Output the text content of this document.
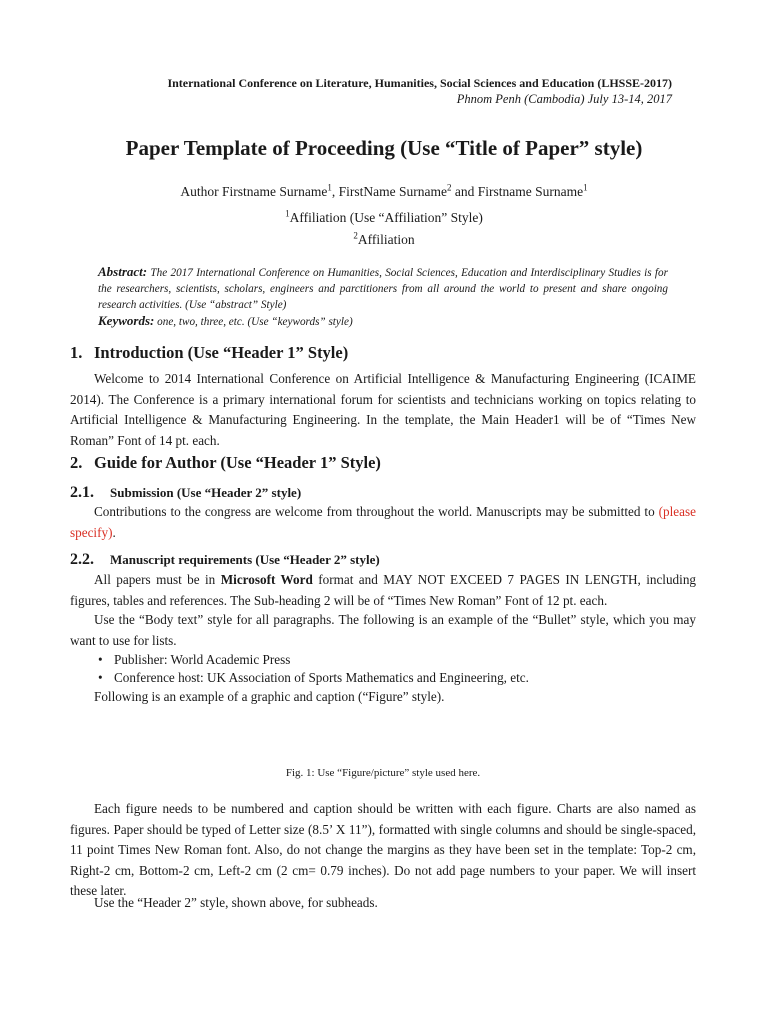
International Conference on Literature, Humanities, Social Sciences and Education (LHSSE-2017)
Phnom Penh (Cambodia) July 13-14, 2017
Paper Template of Proceeding (Use “Title of Paper” style)
Author Firstname Surname$^1$, FirstName Surname$^2$ and Firstname Surname$^1$
$^1$Affiliation (Use “Affiliation” Style)
$^2$Affiliation
Abstract: The 2017 International Conference on Humanities, Social Sciences, Education and Interdisciplinary Studies is for the researchers, scientists, scholars, engineers and parctitioners from all around the world to present and share ongoing research activities. (Use “abstract” Style)
Keywords: one, two, three, etc. (Use “keywords” style)
1. Introduction (Use “Header 1” Style)
Welcome to 2014 International Conference on Artificial Intelligence & Manufacturing Engineering (ICAIME 2014). The Conference is a primary international forum for scientists and technicians working on topics relating to Artificial Intelligence & Manufacturing Engineering. In the template, the Main Header1 will be of “Times New Roman” Font of 14 pt. each.
2. Guide for Author (Use “Header 1” Style)
2.1. Submission (Use “Header 2” style)
Contributions to the congress are welcome from throughout the world. Manuscripts may be submitted to (please specify).
2.2. Manuscript requirements (Use “Header 2” style)
All papers must be in Microsoft Word format and MAY NOT EXCEED 7 PAGES IN LENGTH, including figures, tables and references. The Sub-heading 2 will be of “Times New Roman” Font of 12 pt. each.
Use the “Body text” style for all paragraphs. The following is an example of the “Bullet” style, which you may want to use for lists.
• Publisher: World Academic Press
• Conference host: UK Association of Sports Mathematics and Engineering, etc.
Following is an example of a graphic and caption (“Figure” style).
Fig. 1: Use “Figure/picture” style used here.
Each figure needs to be numbered and caption should be written with each figure. Charts are also named as figures. Paper should be typed of Letter size (8.5’ X 11”), formatted with single columns and should be single-spaced, 11 point Times New Roman font. Also, do not change the margins as they have been set in the template: Top-2 cm, Right-2 cm, Bottom-2 cm, Left-2 cm (2 cm= 0.79 inches). Do not add page numbers to your paper. We will insert these later.
Use the “Header 2” style, shown above, for subheads.
